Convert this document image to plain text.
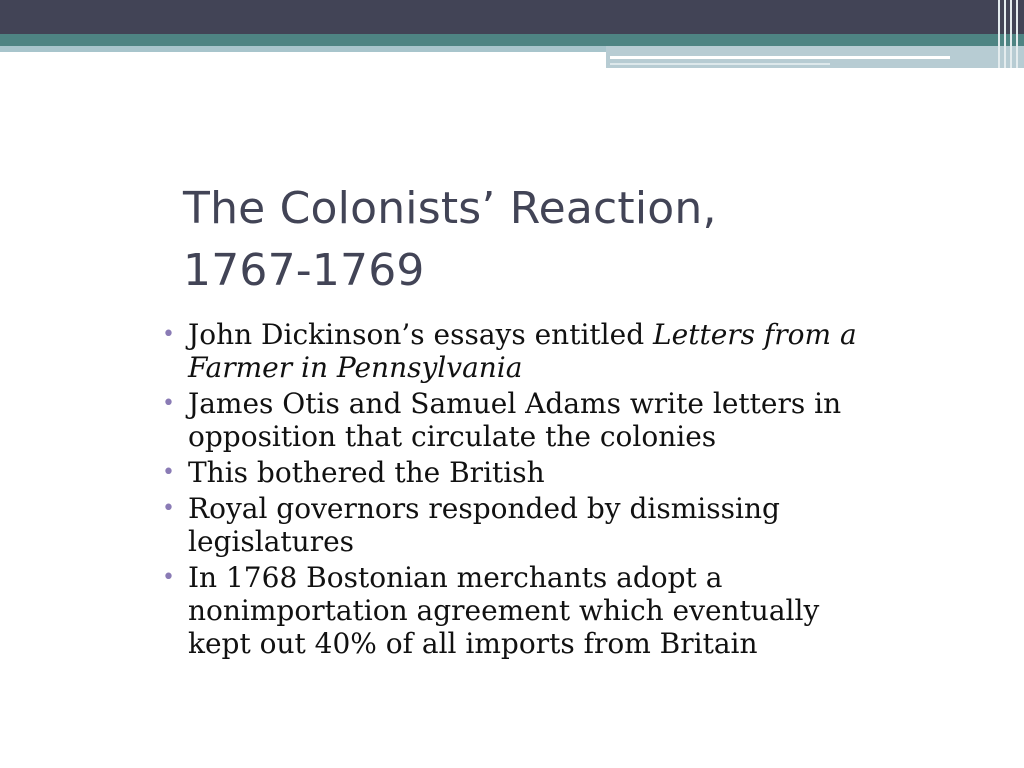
The Colonists’ Reaction,
1767-1769
• John Dickinson’s essays entitled Letters from a Farmer in Pennsylvania
• James Otis and Samuel Adams write letters in opposition that circulate the colonies
• This bothered the British
• Royal governors responded by dismissing legislatures
• In 1768 Bostonian merchants adopt a nonimportation agreement which eventually kept out 40% of all imports from Britain
